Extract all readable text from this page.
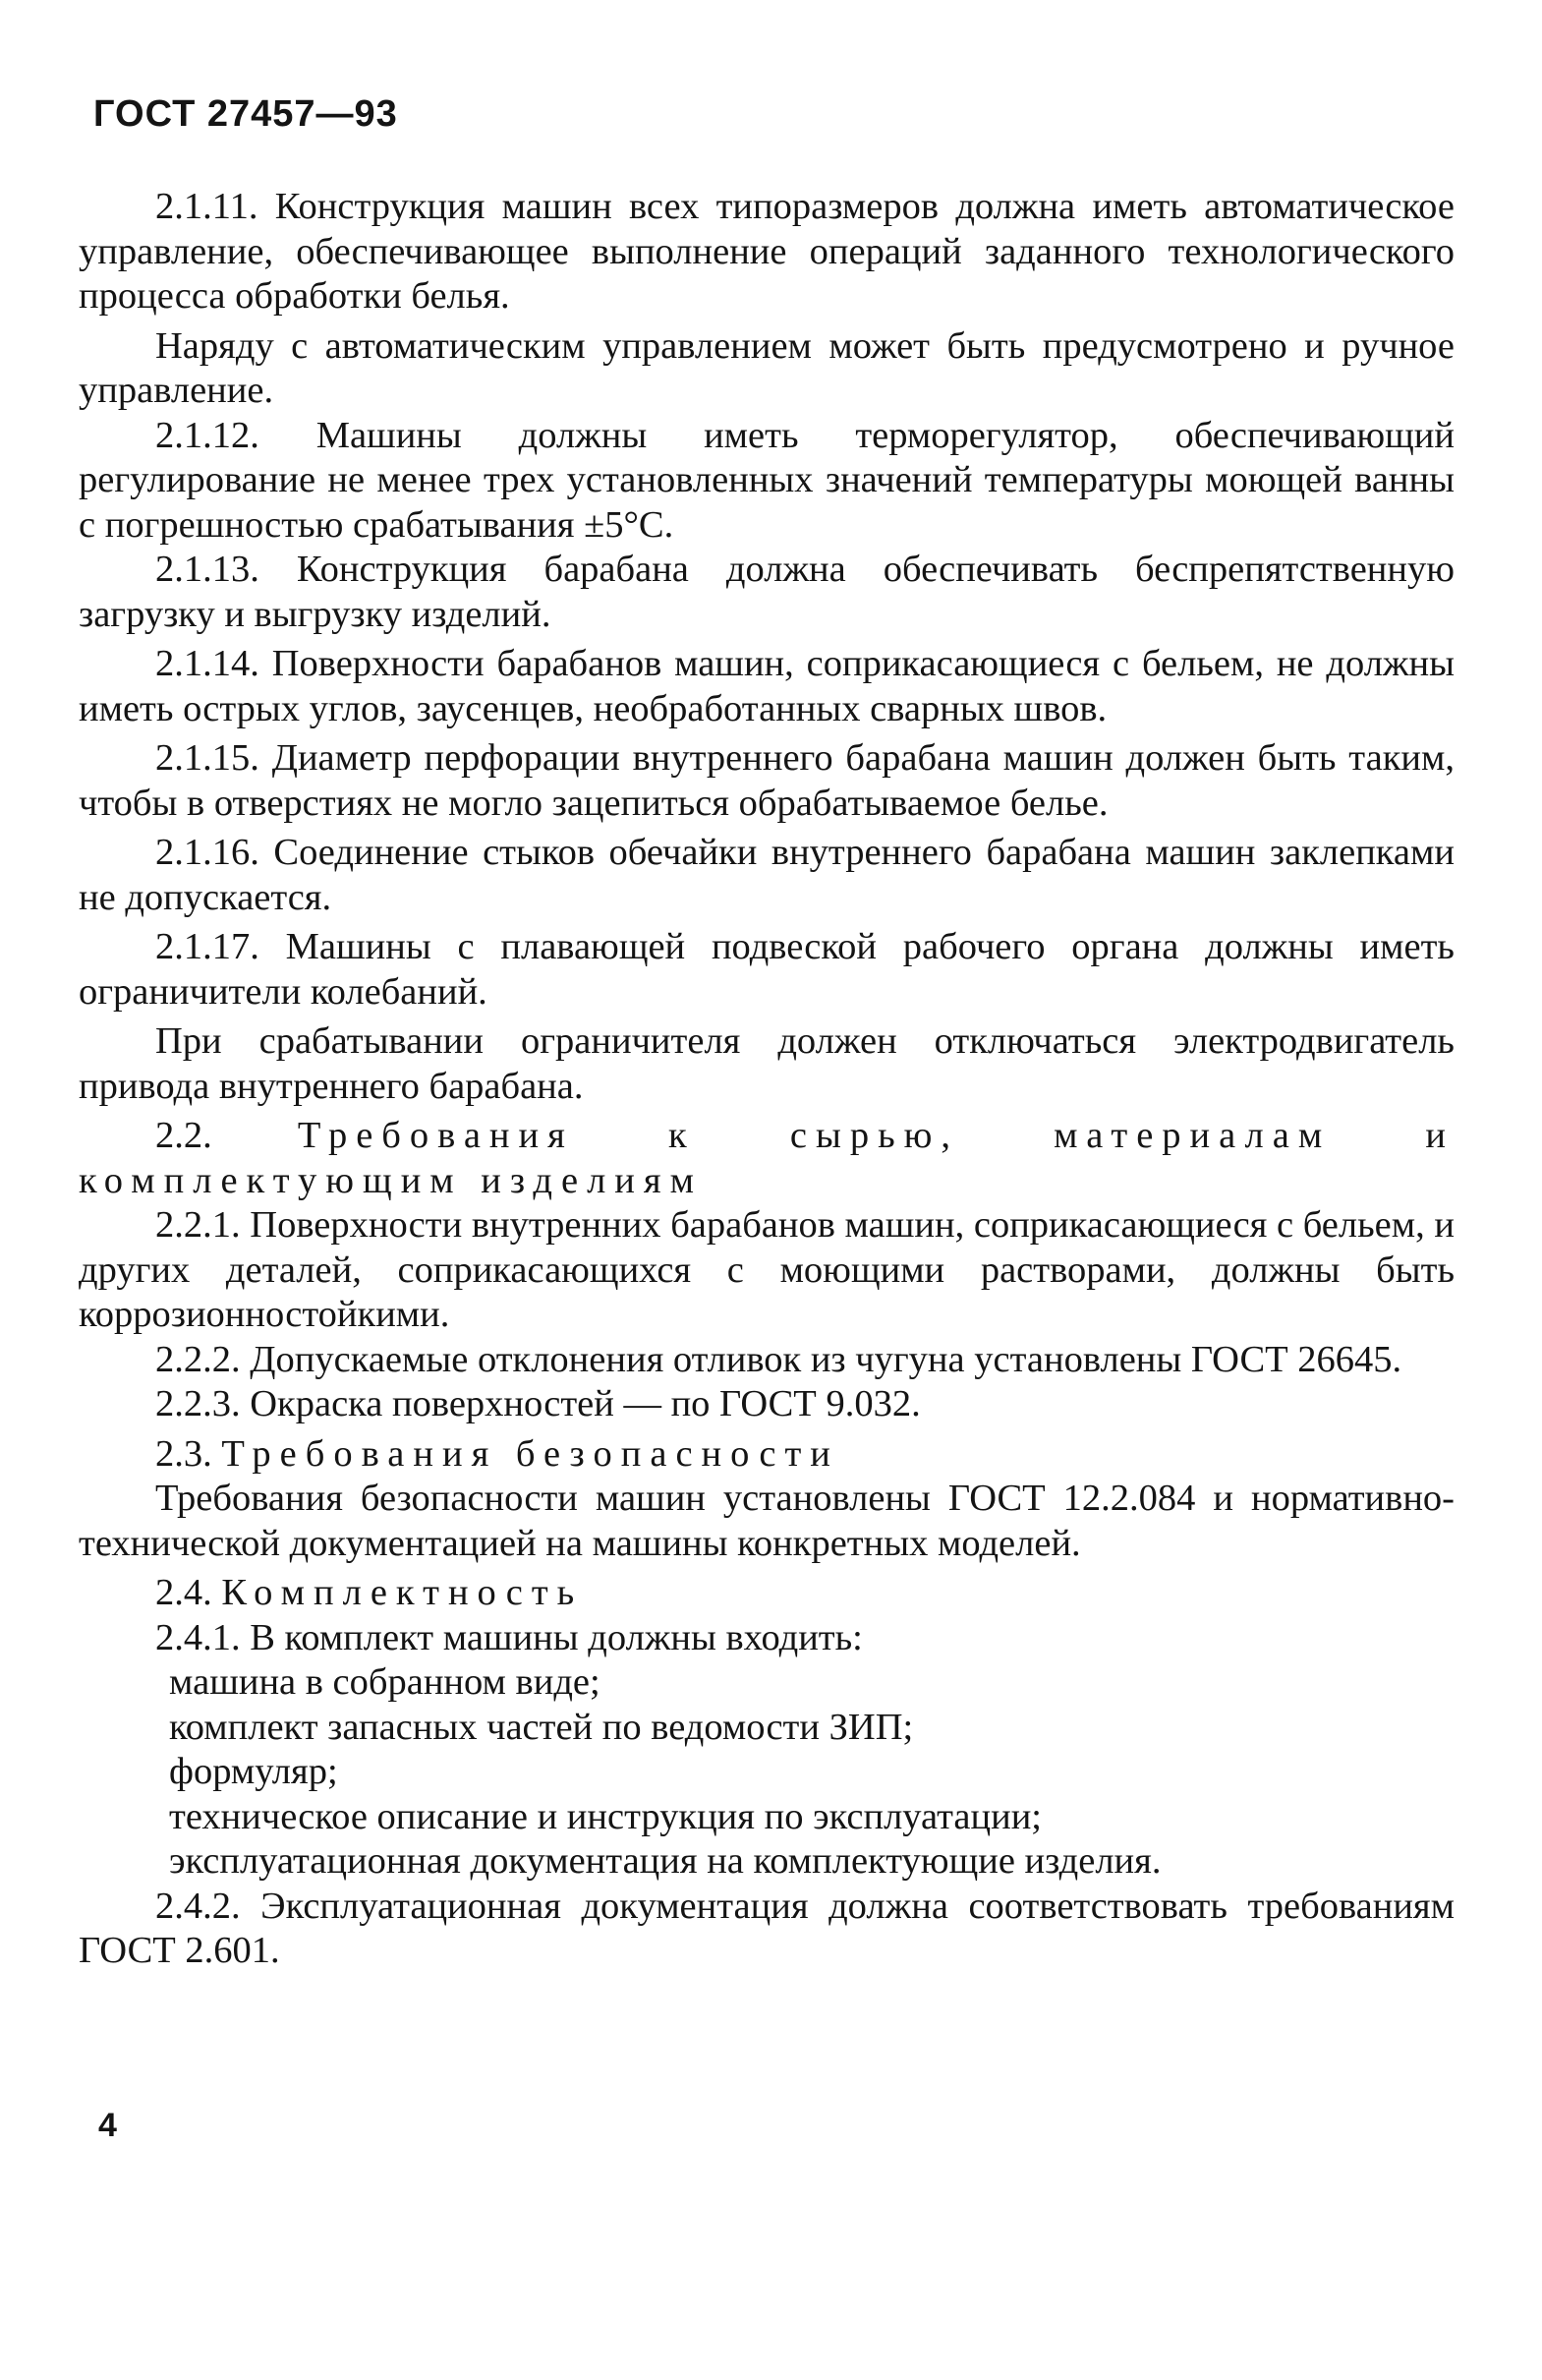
ГОСТ 27457—93

2.1.11. Конструкция машин всех типоразмеров должна иметь автоматическое управление, обеспечивающее выполнение операций заданного технологического процесса обработки белья.

Наряду с автоматическим управлением может быть предусмотрено и ручное управление.

2.1.12. Машины должны иметь терморегулятор, обеспечивающий регулирование не менее трех установленных значений температуры моющей ванны с погрешностью срабатывания ±5°С.

2.1.13. Конструкция барабана должна обеспечивать беспрепятственную загрузку и выгрузку изделий.

2.1.14. Поверхности барабанов машин, соприкасающиеся с бельем, не должны иметь острых углов, заусенцев, необработанных сварных швов.

2.1.15. Диаметр перфорации внутреннего барабана машин должен быть таким, чтобы в отверстиях не могло зацепиться обрабатываемое белье.

2.1.16. Соединение стыков обечайки внутреннего барабана машин заклепками не допускается.

2.1.17. Машины с плавающей подвеской рабочего органа должны иметь ограничители колебаний.

При срабатывании ограничителя должен отключаться электродвигатель привода внутреннего барабана.

2.2. Требования к сырью, материалам и комплектующим изделиям

2.2.1. Поверхности внутренних барабанов машин, соприкасающиеся с бельем, и других деталей, соприкасающихся с моющими растворами, должны быть коррозионностойкими.

2.2.2. Допускаемые отклонения отливок из чугуна установлены ГОСТ 26645.

2.2.3. Окраска поверхностей — по ГОСТ 9.032.

2.3. Требования безопасности

Требования безопасности машин установлены ГОСТ 12.2.084 и нормативно-технической документацией на машины конкретных моделей.

2.4. Комплектность

2.4.1. В комплект машины должны входить:

машина в собранном виде;

комплект запасных частей по ведомости ЗИП;

формуляр;

техническое описание и инструкция по эксплуатации;

эксплуатационная документация на комплектующие изделия.

2.4.2. Эксплуатационная документация должна соответствовать требованиям ГОСТ 2.601.

4
